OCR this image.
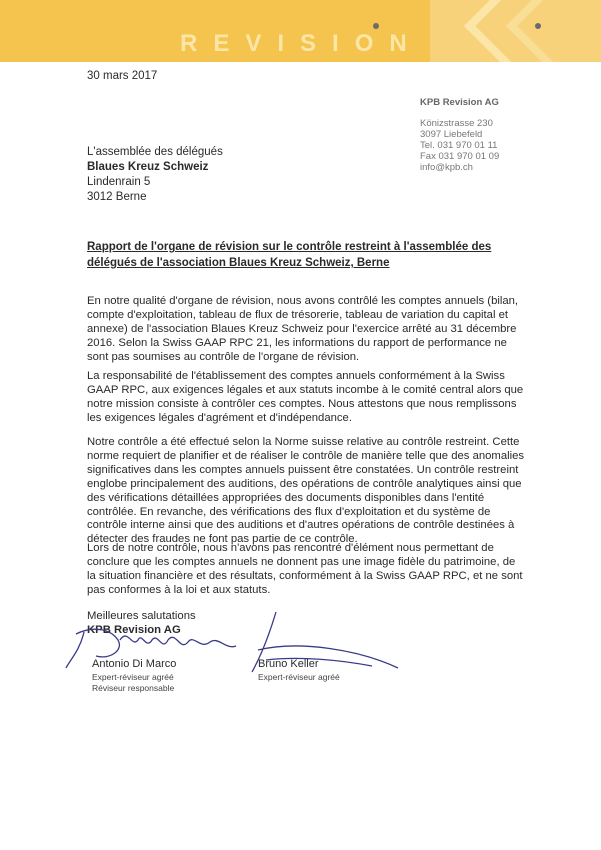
REVISION
30 mars 2017
KPB Revision AG
Könizstrasse 230
3097 Liebefeld
Tel. 031 970 01 11
Fax 031 970 01 09
info@kpb.ch
L'assemblée des délégués
Blaues Kreuz Schweiz
Lindenrain 5
3012 Berne
Rapport de l'organe de révision sur le contrôle restreint à l'assemblée des délégués de l'association Blaues Kreuz Schweiz, Berne

En notre qualité d'organe de révision, nous avons contrôlé les comptes annuels (bilan, compte d'exploitation, tableau de flux de trésorerie, tableau de variation du capital et annexe) de l'association Blaues Kreuz Schweiz pour l'exercice arrêté au 31 décembre 2016. Selon la Swiss GAAP RPC 21, les informations du rapport de performance ne sont pas soumises au contrôle de l'organe de révision.

La responsabilité de l'établissement des comptes annuels conformément à la Swiss GAAP RPC, aux exigences légales et aux statuts incombe à le comité central alors que notre mission consiste à contrôler ces comptes. Nous attestons que nous remplissons les exigences légales d'agrément et d'indépendance.

Notre contrôle a été effectué selon la Norme suisse relative au contrôle restreint. Cette norme requiert de planifier et de réaliser le contrôle de manière telle que des anomalies significatives dans les comptes annuels puissent être constatées. Un contrôle restreint englobe principalement des auditions, des opérations de contrôle analytiques ainsi que des vérifications détaillées appropriées des documents disponibles dans l'entité contrôlée. En revanche, des vérifications des flux d'exploitation et du système de contrôle interne ainsi que des auditions et d'autres opérations de contrôle destinées à détecter des fraudes ne font pas partie de ce contrôle.

Lors de notre contrôle, nous n'avons pas rencontré d'élément nous permettant de conclure que les comptes annuels ne donnent pas une image fidèle du patrimoine, de la situation financière et des résultats, conformément à la Swiss GAAP RPC, et ne sont pas conformes à la loi et aux statuts.

Meilleures salutations
KPB Revision AG
Antonio Di Marco
Expert-réviseur agréé
Réviseur responsable
Bruno Keller
Expert-réviseur agréé
